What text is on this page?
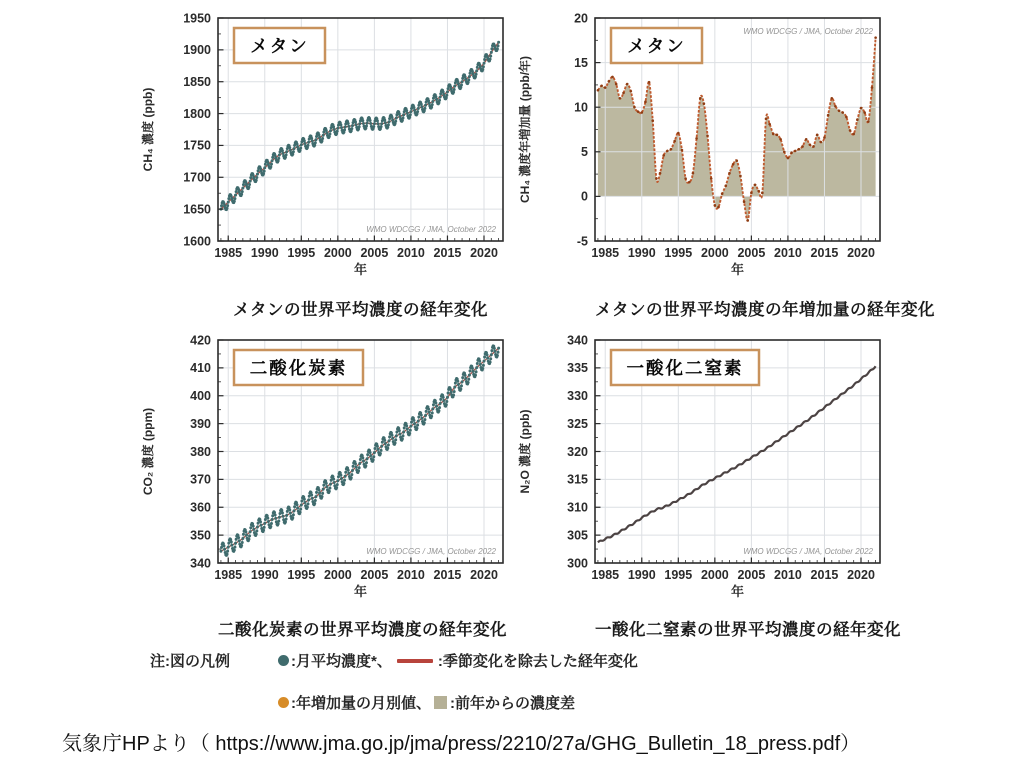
1985 1990 1995 2000 2005 2010 2015 2020
1600
1650
1700
1750
1800
1850
1900
1950
年
CH₄ 濃度 (ppb)
メタン
WMO WDCGG / JMA, October 2022
1985 1990 1995 2000 2005 2010 2015 2020
-5
0
5
10
15
20
年
CH₄ 濃度年増加量 (ppb/年)
メタン
WMO WDCGG / JMA, October 2022
1985 1990 1995 2000 2005 2010 2015 2020
340
350
360
370
380
390
400
410
420
年
CO₂ 濃度 (ppm)
二酸化炭素
WMO WDCGG / JMA, October 2022
1985 1990 1995 2000 2005 2010 2015 2020
300
305
310
315
320
325
330
335
340
年
N₂O 濃度 (ppb)
一酸化二窒素
WMO WDCGG / JMA, October 2022
メタンの世界平均濃度の経年変化	メタンの世界平均濃度の年増加量の経年変化
二酸化炭素の世界平均濃度の経年変化	一酸化二窒素の世界平均濃度の経年変化
注:図の凡例	:月平均濃度*、	:季節変化を除去した経年変化
:年増加量の月別値、 :前年からの濃度差
気象庁HPより（ https://www.jma.go.jp/jma/press/2210/27a/GHG_Bulletin_18_press.pdf）
